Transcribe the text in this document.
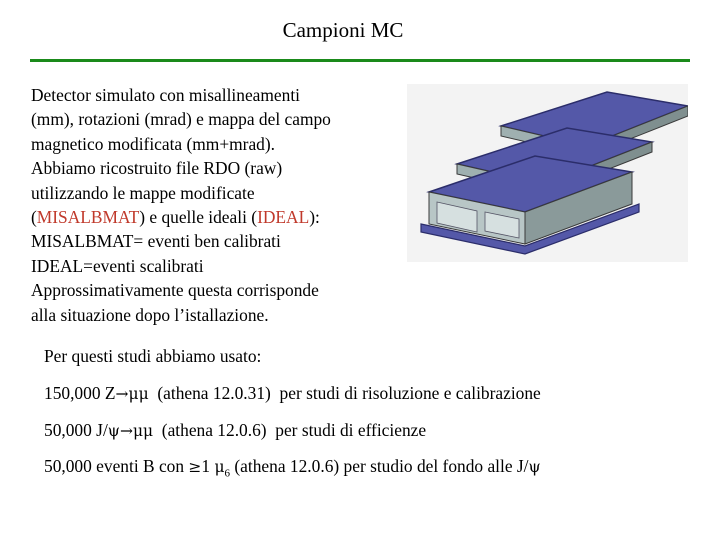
Campioni MC
Detector simulato con misallineamenti
(mm), rotazioni (mrad) e mappa del campo
magnetico modificata (mm+mrad).
Abbiamo ricostruito file RDO (raw)
utilizzando le mappe modificate
(MISALBMAT) e quelle ideali (IDEAL):
MISALBMAT= eventi ben calibrati
IDEAL=eventi scalibrati
Approssimativamente questa corrisponde
alla situazione dopo l’istallazione.
Per questi studi abbiamo usato:
150,000 Z→μμ  (athena 12.0.31)  per studi di risoluzione e calibrazione
50,000 J/ψ→μμ  (athena 12.0.6)  per studi di efficienze
50,000 eventi B con ≥1 $\mu_6$ (athena 12.0.6) per studio del fondo alle J/ψ
